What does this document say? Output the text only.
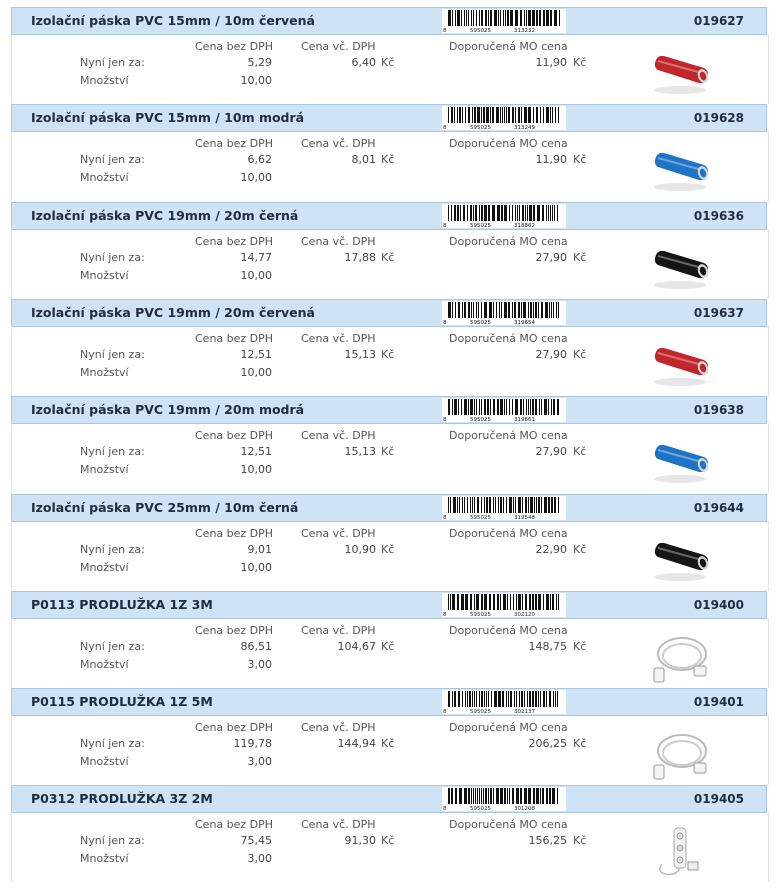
Izolační páska PVC 15mm / 10m červená
8	595025	313232
019627
Cena bez DPH	Cena vč. DPH	Doporučená MO cena
Nyní jen za:	5,29	6,40 Kč	11,90 Kč
Množství	10,00
Izolační páska PVC 15mm / 10m modrá
8	595025	313249
019628
Cena bez DPH	Cena vč. DPH	Doporučená MO cena
Nyní jen za:	6,62	8,01 Kč	11,90 Kč
Množství	10,00
Izolační páska PVC 19mm / 20m černá
8	595025	318862
019636
Cena bez DPH	Cena vč. DPH	Doporučená MO cena
Nyní jen za:	14,77	17,88 Kč	27,90 Kč
Množství	10,00
Izolační páska PVC 19mm / 20m červená
8	595025	319654
019637
Cena bez DPH	Cena vč. DPH	Doporučená MO cena
Nyní jen za:	12,51	15,13 Kč	27,90 Kč
Množství	10,00
Izolační páska PVC 19mm / 20m modrá
8	595025	319661
019638
Cena bez DPH	Cena vč. DPH	Doporučená MO cena
Nyní jen za:	12,51	15,13 Kč	27,90 Kč
Množství	10,00
Izolační páska PVC 25mm / 10m černá
8	595025	319548
019644
Cena bez DPH	Cena vč. DPH	Doporučená MO cena
Nyní jen za:	9,01	10,90 Kč	22,90 Kč
Množství	10,00
P0113 PRODLUŽKA 1Z 3M
8	595025	302120
019400
Cena bez DPH	Cena vč. DPH	Doporučená MO cena
Nyní jen za:	86,51	104,67 Kč	148,75 Kč
Množství	3,00
P0115 PRODLUŽKA 1Z 5M
8	595025	302137
019401
Cena bez DPH	Cena vč. DPH	Doporučená MO cena
Nyní jen za:	119,78	144,94 Kč	206,25 Kč
Množství	3,00
P0312 PRODLUŽKA 3Z 2M
8	595025	301208
019405
Cena bez DPH	Cena vč. DPH	Doporučená MO cena
Nyní jen za:	75,45	91,30 Kč	156,25 Kč
Množství	3,00
